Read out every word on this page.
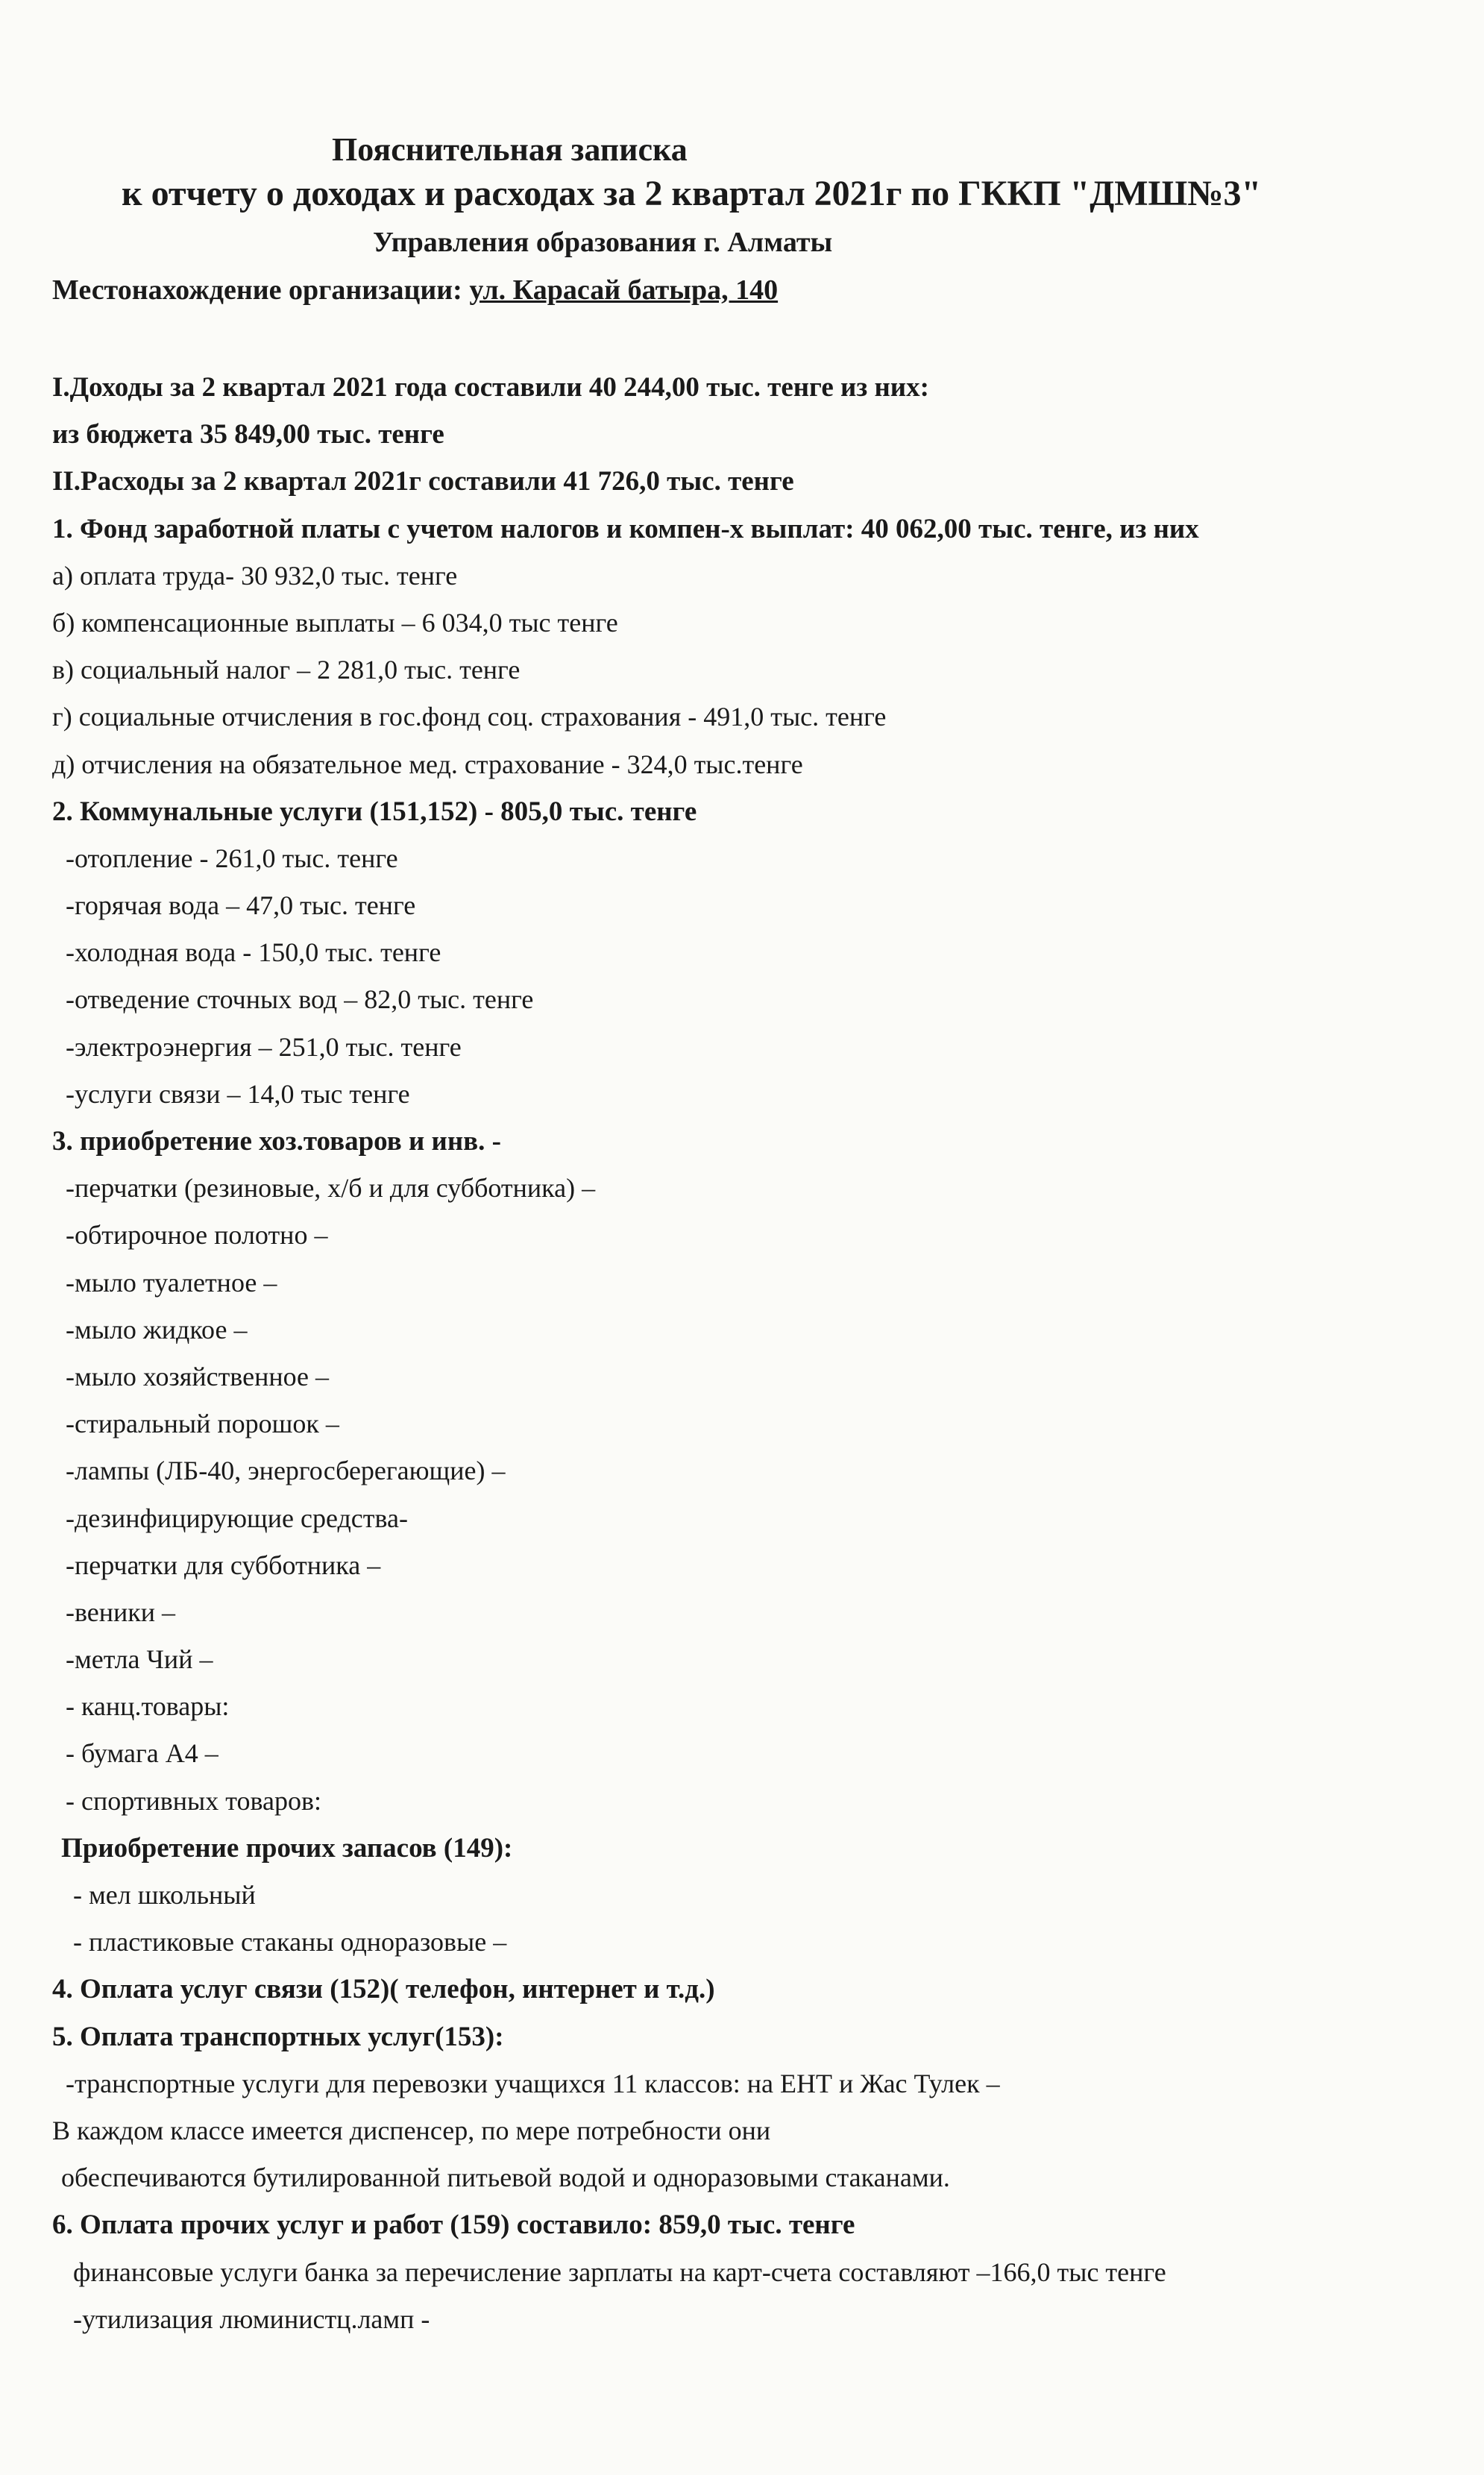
Пояснительная записка
к отчету о доходах и расходах за 2 квартал 2021г по ГККП "ДМШ№3"
Управления образования г. Алматы
Местонахождение организации: ул. Карасай батыра, 140
I.Доходы за 2 квартал 2021 года составили 40 244,00 тыс. тенге из них:
из бюджета 35 849,00 тыс. тенге
II.Расходы за 2 квартал 2021г составили 41 726,0 тыс. тенге
1. Фонд заработной платы с учетом налогов и компен-х выплат: 40 062,00 тыс. тенге, из них
а) оплата труда- 30 932,0 тыс. тенге
б) компенсационные выплаты – 6 034,0 тыс тенге
в) социальный налог – 2 281,0 тыс. тенге
г) социальные отчисления в гос.фонд соц. страхования - 491,0 тыс. тенге
д) отчисления на обязательное мед. страхование - 324,0 тыс.тенге
2. Коммунальные услуги (151,152) - 805,0 тыс. тенге
-отопление - 261,0 тыс. тенге
-горячая вода – 47,0 тыс. тенге
-холодная вода - 150,0 тыс. тенге
-отведение сточных вод – 82,0 тыс. тенге
-электроэнергия – 251,0 тыс. тенге
-услуги связи – 14,0 тыс тенге
3. приобретение хоз.товаров и инв. -
-перчатки (резиновые, х/б и для субботника) –
-обтирочное полотно –
-мыло туалетное –
-мыло жидкое –
-мыло хозяйственное –
-стиральный порошок –
-лампы (ЛБ-40, энергосберегающие) –
-дезинфицирующие средства-
-перчатки для субботника –
-веники –
-метла Чий –
- канц.товары:
- бумага А4 –
- спортивных товаров:
Приобретение прочих запасов (149):
- мел школьный
- пластиковые стаканы одноразовые –
4. Оплата услуг связи (152)( телефон, интернет и т.д.)
5. Оплата транспортных услуг(153):
-транспортные услуги для перевозки учащихся 11 классов: на ЕНТ и Жас Тулек –
В каждом классе имеется диспенсер, по мере потребности они
обеспечиваются бутилированной питьевой водой и одноразовыми стаканами.
6. Оплата прочих услуг и работ (159) составило: 859,0 тыс. тенге
финансовые услуги банка за перечисление зарплаты на карт-счета составляют –166,0 тыс тенге
-утилизация люминистц.ламп -
